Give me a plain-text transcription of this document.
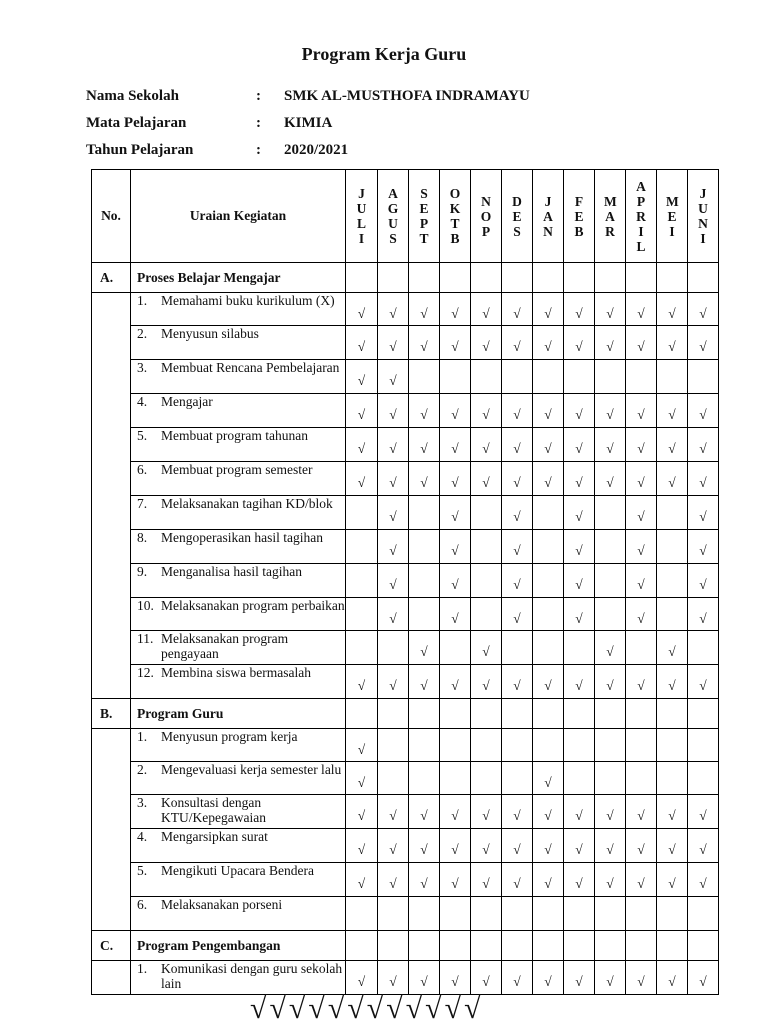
Program Kerja Guru
Nama Sekolah	: SMK AL-MUSTHOFA INDRAMAYU
Mata Pelajaran	: KIMIA
Tahun Pelajaran	: 2020/2021
No.	Uraian Kegiatan	JULI	AGUS	SEPT	OKTB	NOP	DES	JAN	FEB	MAR	APRIL	MEI	JUNI
A.	Proses Belajar Mengajar												

	1. Memahami buku kurikulum (X)	√	√	√	√	√	√	√	√	√	√	√	√

	2. Menyusun silabus	√	√	√	√	√	√	√	√	√	√	√	√

	3. Membuat Rencana Pembelajaran	√	√										

	4. Mengajar	√	√	√	√	√	√	√	√	√	√	√	√

	5. Membuat program tahunan	√	√	√	√	√	√	√	√	√	√	√	√

	6. Membuat program semester	√	√	√	√	√	√	√	√	√	√	√	√

	7. Melaksanakan tagihan KD/blok		√		√		√		√		√		√

	8. Mengoperasikan hasil tagihan		√		√		√		√		√		√

	9. Menganalisa hasil tagihan		√		√		√		√		√		√

	10. Melaksanakan program perbaikan		√		√		√		√		√		√

	11. Melaksanakan program pengayaan			√		√				√		√	

	12. Membina siswa bermasalah	√	√	√	√	√	√	√	√	√	√	√	√

B.	Program Guru												

	1. Menyusun program kerja	√											

	2. Mengevaluasi kerja semester lalu	√						√					

	3. Konsultasi dengan KTU/Kepegawaian	√	√	√	√	√	√	√	√	√	√	√	√

	4. Mengarsipkan surat	√	√	√	√	√	√	√	√	√	√	√	√

	5. Mengikuti Upacara Bendera	√	√	√	√	√	√	√	√	√	√	√	√

	6. Melaksanakan porseni												

C.	Program Pengembangan												

	1. Komunikasi dengan guru sekolah lain	√	√	√	√	√	√	√	√	√	√	√	√
√√√√√√√√√√√√
